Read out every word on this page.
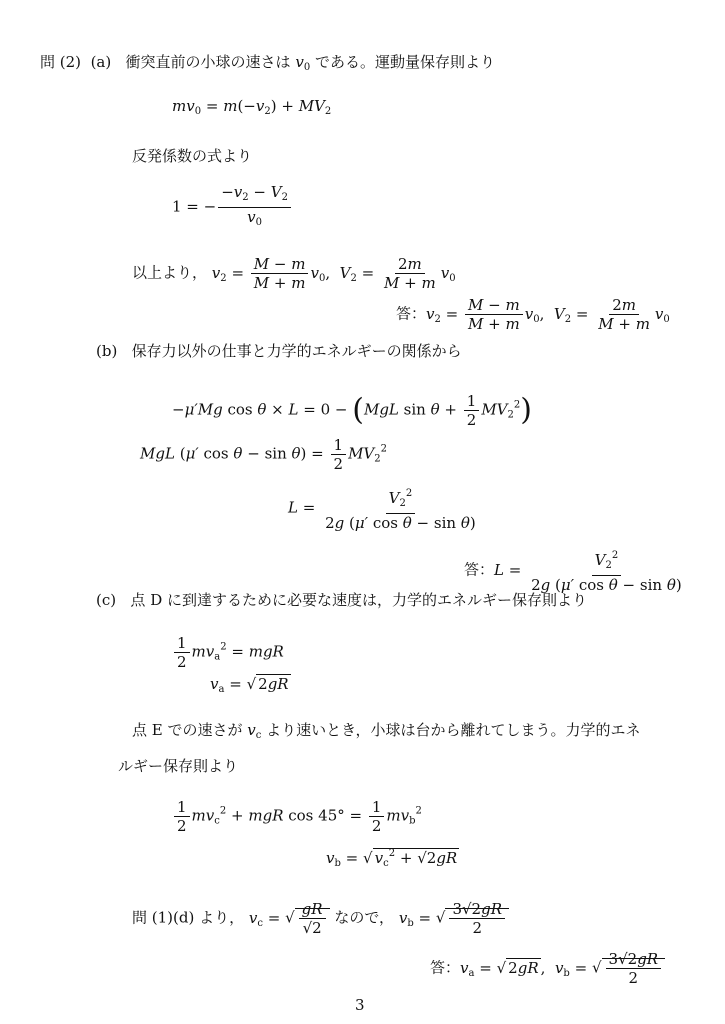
問 (2) (a) 衝突直前の小球の速さは $v_0$ である。運動量保存則より
$mv_0 = m(-v_2) + MV_2$
反発係数の式より
1 = − $\frac{-v_2 - V_2}{v_0}$
以上より， $v_2 = \frac{M - m}{M + m} v_0$,  $V_2 = \frac{2m}{M + m} v_0$
答：$v_2 = \frac{M - m}{M + m} v_0$,  $V_2 = \frac{2m}{M + m} v_0$
(b) 保存力以外の仕事と力学的エネルギーの関係から
−μ′Mg cos θ × L = 0 − (MgL $\sin \theta + \frac{1}{2} MV_2^2$)
MgL (μ′ $\cos \theta - \sin \theta) = \frac{1}{2} MV_2^2$
$L = \frac{V_2^2}{\text{2g (μ′ cos θ − sin θ)}}$
答：$L = \frac{V_2^2}{\text{2g (μ′ cos θ − sin θ)}}$
(c) 点 D に到達するために必要な速度は，力学的エネルギー保存則より
$\frac{1}{2} mv_a^2$ = mgR
$v_a$ = √ 2gR
点 E での速さが $v_c$ より速いとき，小球は台から離れてしまう。力学的エネ
ルギー保存則より
$\frac{1}{2} mv_c^2$ + mgR $\cos 45^\circ = \frac{1}{2} mv_b^2$
$v_b$ = √ $v_c^2 + √2gR$
問 (1)(d) より， $v_c$ = √ $\frac{gR}{√2}$ なので， $v_b$ = √ $\frac{3√2gR}{2}$
答：$v_a$ = √ 2gR ,  $v_b$ = √ $\frac{3√2gR}{2}$
3
